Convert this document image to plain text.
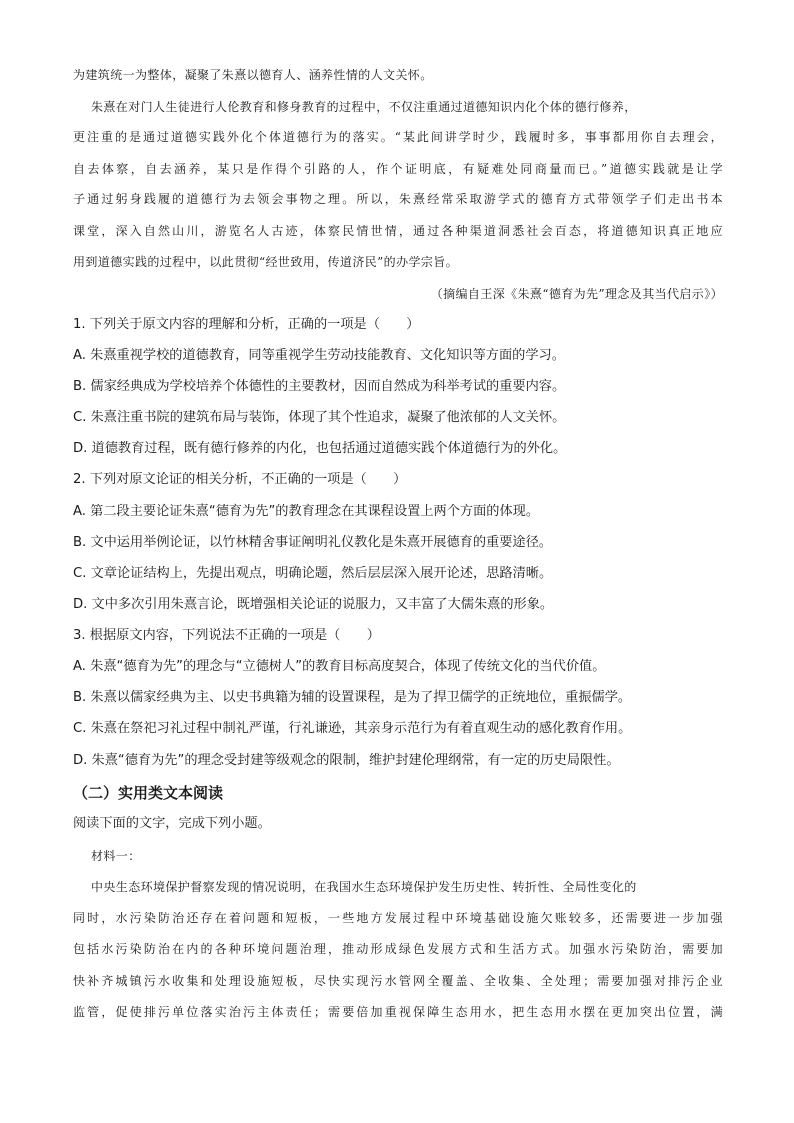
为建筑统一为整体，凝聚了朱熹以德育人、涵养性情的人文关怀。
朱熹在对门人生徒进行人伦教育和修身教育的过程中，不仅注重通过道德知识内化个体的德行修养，
更注重的是通过道德实践外化个体道德行为的落实。“某此间讲学时少，践履时多，事事都用你自去理会，
自去体察，自去涵养，某只是作得个引路的人，作个证明底，有疑难处同商量而已。”道德实践就是让学
子通过躬身践履的道德行为去领会事物之理。所以，朱熹经常采取游学式的德育方式带领学子们走出书本
课堂，深入自然山川，游览名人古迹，体察民情世情，通过各种渠道洞悉社会百态，将道德知识真正地应
用到道德实践的过程中，以此贯彻“经世致用，传道济民”的办学宗旨。
（摘编自王深《朱熹“德育为先”理念及其当代启示》）
1. 下列关于原文内容的理解和分析，正确的一项是（　　）
A. 朱熹重视学校的道德教育，同等重视学生劳动技能教育、文化知识等方面的学习。
B. 儒家经典成为学校培养个体德性的主要教材，因而自然成为科举考试的重要内容。
C. 朱熹注重书院的建筑布局与装饰，体现了其个性追求，凝聚了他浓郁的人文关怀。
D. 道德教育过程，既有德行修养的内化，也包括通过道德实践个体道德行为的外化。
2. 下列对原文论证的相关分析，不正确的一项是（　　）
A. 第二段主要论证朱熹“德育为先”的教育理念在其课程设置上两个方面的体现。
B. 文中运用举例论证，以竹林精舍事证阐明礼仪教化是朱熹开展德育的重要途径。
C. 文章论证结构上，先提出观点，明确论题，然后层层深入展开论述，思路清晰。
D. 文中多次引用朱熹言论，既增强相关论证的说服力，又丰富了大儒朱熹的形象。
3. 根据原文内容，下列说法不正确的一项是（　　）
A. 朱熹“德育为先”的理念与“立德树人”的教育目标高度契合，体现了传统文化的当代价值。
B. 朱熹以儒家经典为主、以史书典籍为辅的设置课程，是为了捍卫儒学的正统地位，重振儒学。
C. 朱熹在祭祀习礼过程中制礼严谨，行礼谦逊，其亲身示范行为有着直观生动的感化教育作用。
D. 朱熹“德育为先”的理念受封建等级观念的限制，维护封建伦理纲常，有一定的历史局限性。
（二）实用类文本阅读
阅读下面的文字，完成下列小题。
材料一：
中央生态环境保护督察发现的情况说明，在我国水生态环境保护发生历史性、转折性、全局性变化的
同时，水污染防治还存在着问题和短板，一些地方发展过程中环境基础设施欠账较多，还需要进一步加强
包括水污染防治在内的各种环境问题治理，推动形成绿色发展方式和生活方式。加强水污染防治，需要加
快补齐城镇污水收集和处理设施短板，尽快实现污水管网全覆盖、全收集、全处理；需要加强对排污企业
监管，促使排污单位落实治污主体责任；需要倍加重视保障生态用水，把生态用水摆在更加突出位置，满
